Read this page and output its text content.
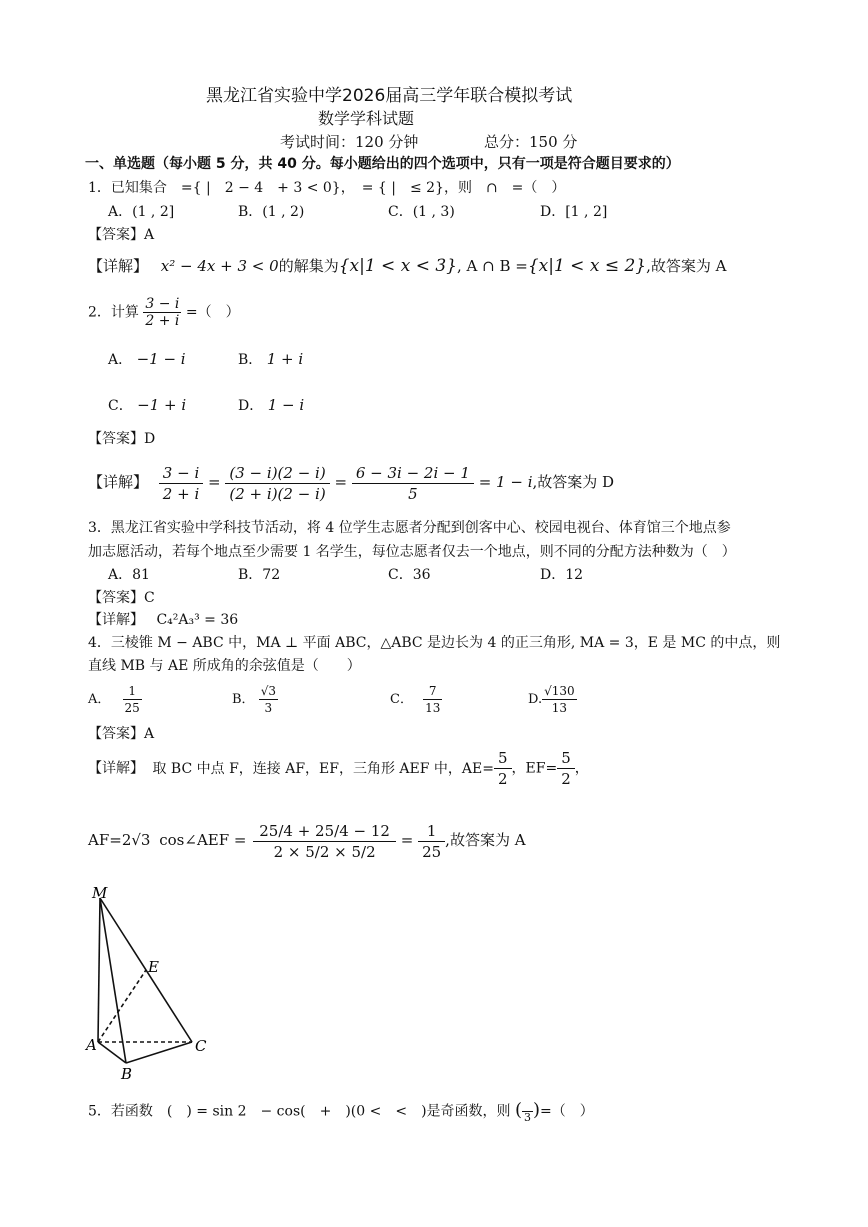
黑龙江省实验中学2026届高三学年联合模拟考试
数学学科试题
考试时间：120 分钟	总分：150 分
一、单选题（每小题 5 分，共 40 分。每小题给出的四个选项中，只有一项是符合题目要求的）
1．已知集合　={ |　2 − 4　+ 3 < 0}，　= { |　≤ 2}，则　∩　=（　）
A．(1 , 2]	B．(1 , 2)	C．(1 , 3)	D．[1 , 2]
【答案】A
【详解】 x² − 4x + 3 < 0的解集为{x|1 < x < 3}, A ∩ B ={x|1 < x ≤ 2},故答案为 A
2．计算 $\frac{3 - i}{2 + i}$ =（　）
A． −1 − i	B． 1 + i
C． −1 + i	D． 1 − i
【答案】D
【详解】 $\frac{3 - i}{2 + i} = \frac{(3 - i)(2 - i)}{(2 + i)(2 - i)} = \frac{6 - 3i - 2i - 1}{5} = 1 - i$,故答案为 D
3．黑龙江省实验中学科技节活动，将 4 位学生志愿者分配到创客中心、校园电视台、体育馆三个地点参
加志愿活动，若每个地点至少需要 1 名学生，每位志愿者仅去一个地点，则不同的分配方法种数为（　）
A．81	B．72	C．36	D．12
【答案】C
【详解】 C₄²A₃³ = 36
4．三棱锥 M − ABC 中，MA ⊥ 平面 ABC，△ABC 是边长为 4 的正三角形, MA = 3，E 是 MC 的中点，则
直线 MB 与 AE 所成角的余弦值是（　　）
A． $\frac{1}{25}$	B． $\frac{√3}{3}$	C． $\frac{7}{13}$	D. $\frac{√130}{13}$
【答案】A
【详解】 取 BC 中点 F，连接 AF，EF，三角形 AEF 中，$AE= \frac{5}{2}$ ，$EF= \frac{5}{2}$ ，
AF=2√3 cos∠AEF = $\frac{25/4 + 25/4 - 12}{2 \times 5/2 \times 5/2} = \frac{1}{25}$ ,故答案为 A
M
E
A	C
B
5．若函数　(　) = sin 2　− cos(　+　)(0 <　<　)是奇函数，则 (
3 )=（　）
